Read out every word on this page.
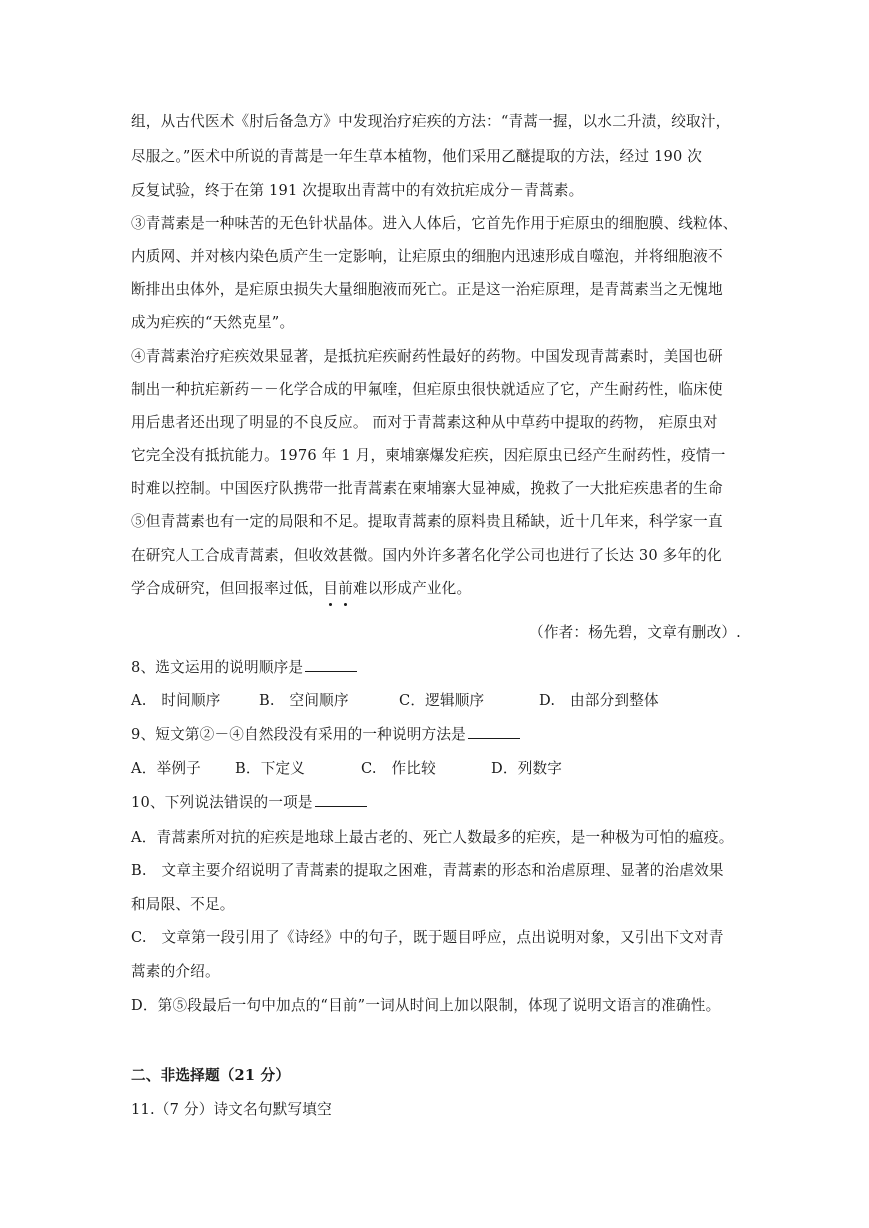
组，从古代医术《肘后备急方》中发现治疗疟疾的方法：“青蒿一握，以水二升渍，绞取汁，
尽服之。”医术中所说的青蒿是一年生草本植物，他们采用乙醚提取的方法，经过 190 次
反复试验，终于在第 191 次提取出青蒿中的有效抗疟成分－青蒿素。
③青蒿素是一种味苦的无色针状晶体。进入人体后，它首先作用于疟原虫的细胞膜、线粒体、
内质网、并对核内染色质产生一定影响，让疟原虫的细胞内迅速形成自噬泡，并将细胞液不
断排出虫体外，是疟原虫损失大量细胞液而死亡。正是这一治疟原理，是青蒿素当之无愧地
成为疟疾的“天然克星”。
④青蒿素治疗疟疾效果显著，是抵抗疟疾耐药性最好的药物。中国发现青蒿素时，美国也研
制出一种抗疟新药－－化学合成的甲氟喹，但疟原虫很快就适应了它，产生耐药性，临床使
用后患者还出现了明显的不良反应。 而对于青蒿素这种从中草药中提取的药物， 疟原虫对
它完全没有抵抗能力。1976 年 1 月，柬埔寨爆发疟疾，因疟原虫已经产生耐药性，疫情一
时难以控制。中国医疗队携带一批青蒿素在柬埔寨大显神威，挽救了一大批疟疾患者的生命
⑤但青蒿素也有一定的局限和不足。提取青蒿素的原料贵且稀缺，近十几年来，科学家一直
在研究人工合成青蒿素，但收效甚微。国内外许多著名化学公司也进行了长达 30 多年的化
学合成研究，但回报率过低，目前难以形成产业化。
（作者：杨先碧，文章有删改）.
8、选文运用的说明顺序是
A.　时间顺序	B.　空间顺序	C．逻辑顺序	D.　由部分到整体
9、短文第②－④自然段没有采用的一种说明方法是
A．举例子 B．下定义	C.　作比较	D．列数字
10、下列说法错误的一项是
A．青蒿素所对抗的疟疾是地球上最古老的、死亡人数最多的疟疾，是一种极为可怕的瘟疫。
B.　文章主要介绍说明了青蒿素的提取之困难，青蒿素的形态和治虐原理、显著的治虐效果
和局限、不足。
C.　文章第一段引用了《诗经》中的句子，既于题目呼应，点出说明对象，又引出下文对青
蒿素的介绍。
D．第⑤段最后一句中加点的“目前”一词从时间上加以限制，体现了说明文语言的准确性。
二、非选择题（21 分）
11.（7 分）诗文名句默写填空
